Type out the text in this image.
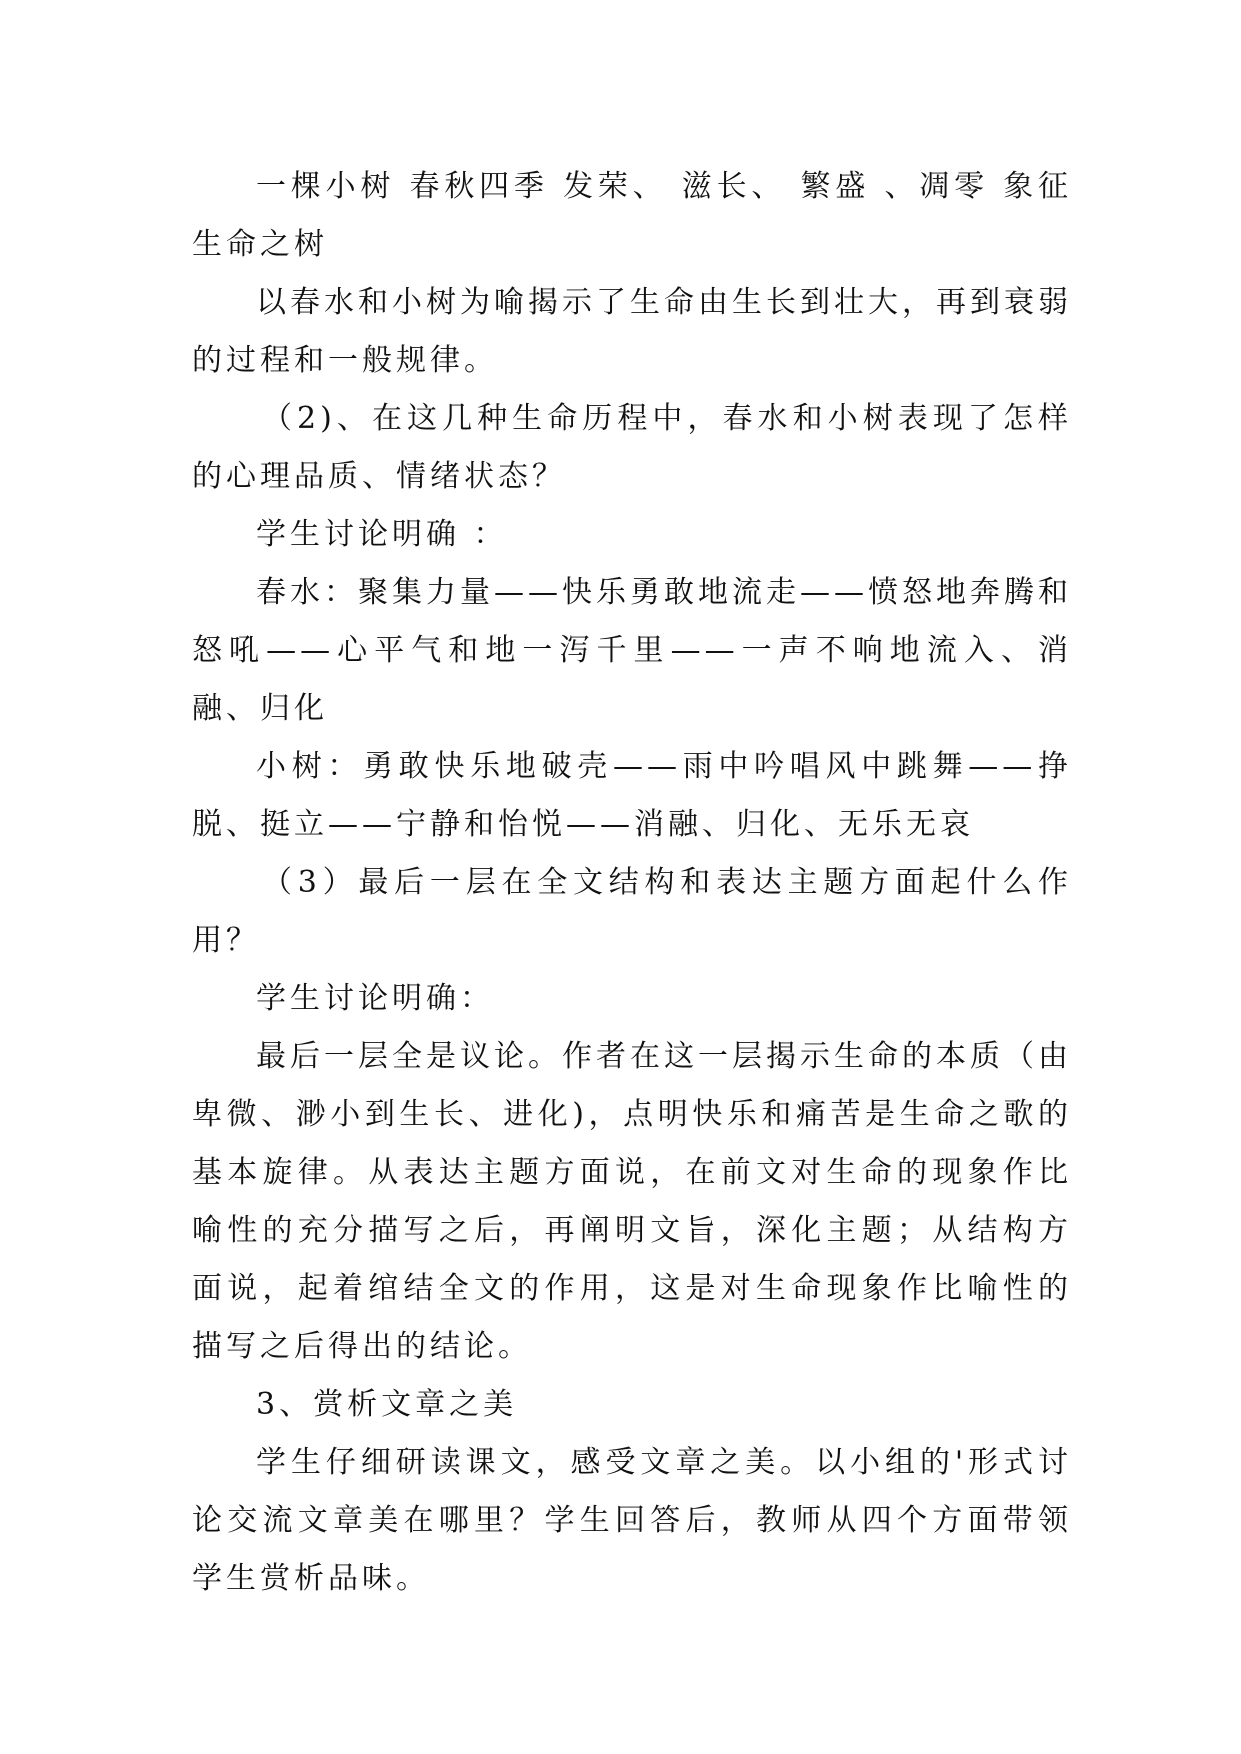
一棵小树 春秋四季 发荣、 滋长、 繁盛 、凋零 象征生命之树

以春水和小树为喻揭示了生命由生长到壮大，再到衰弱的过程和一般规律。

（2)、在这几种生命历程中，春水和小树表现了怎样的心理品质、情绪状态？

学生讨论明确 ：

春水：聚集力量——快乐勇敢地流走——愤怒地奔腾和怒吼——心平气和地一泻千里——一声不响地流入、消融、归化

小树：勇敢快乐地破壳——雨中吟唱风中跳舞——挣脱、挺立——宁静和怡悦——消融、归化、无乐无哀

（3）最后一层在全文结构和表达主题方面起什么作用？

学生讨论明确：

最后一层全是议论。作者在这一层揭示生命的本质（由卑微、渺小到生长、进化)，点明快乐和痛苦是生命之歌的基本旋律。从表达主题方面说，在前文对生命的现象作比喻性的充分描写之后，再阐明文旨，深化主题；从结构方面说，起着绾结全文的作用，这是对生命现象作比喻性的描写之后得出的结论。

3、赏析文章之美

学生仔细研读课文，感受文章之美。以小组的'形式讨论交流文章美在哪里？学生回答后，教师从四个方面带领学生赏析品味。
